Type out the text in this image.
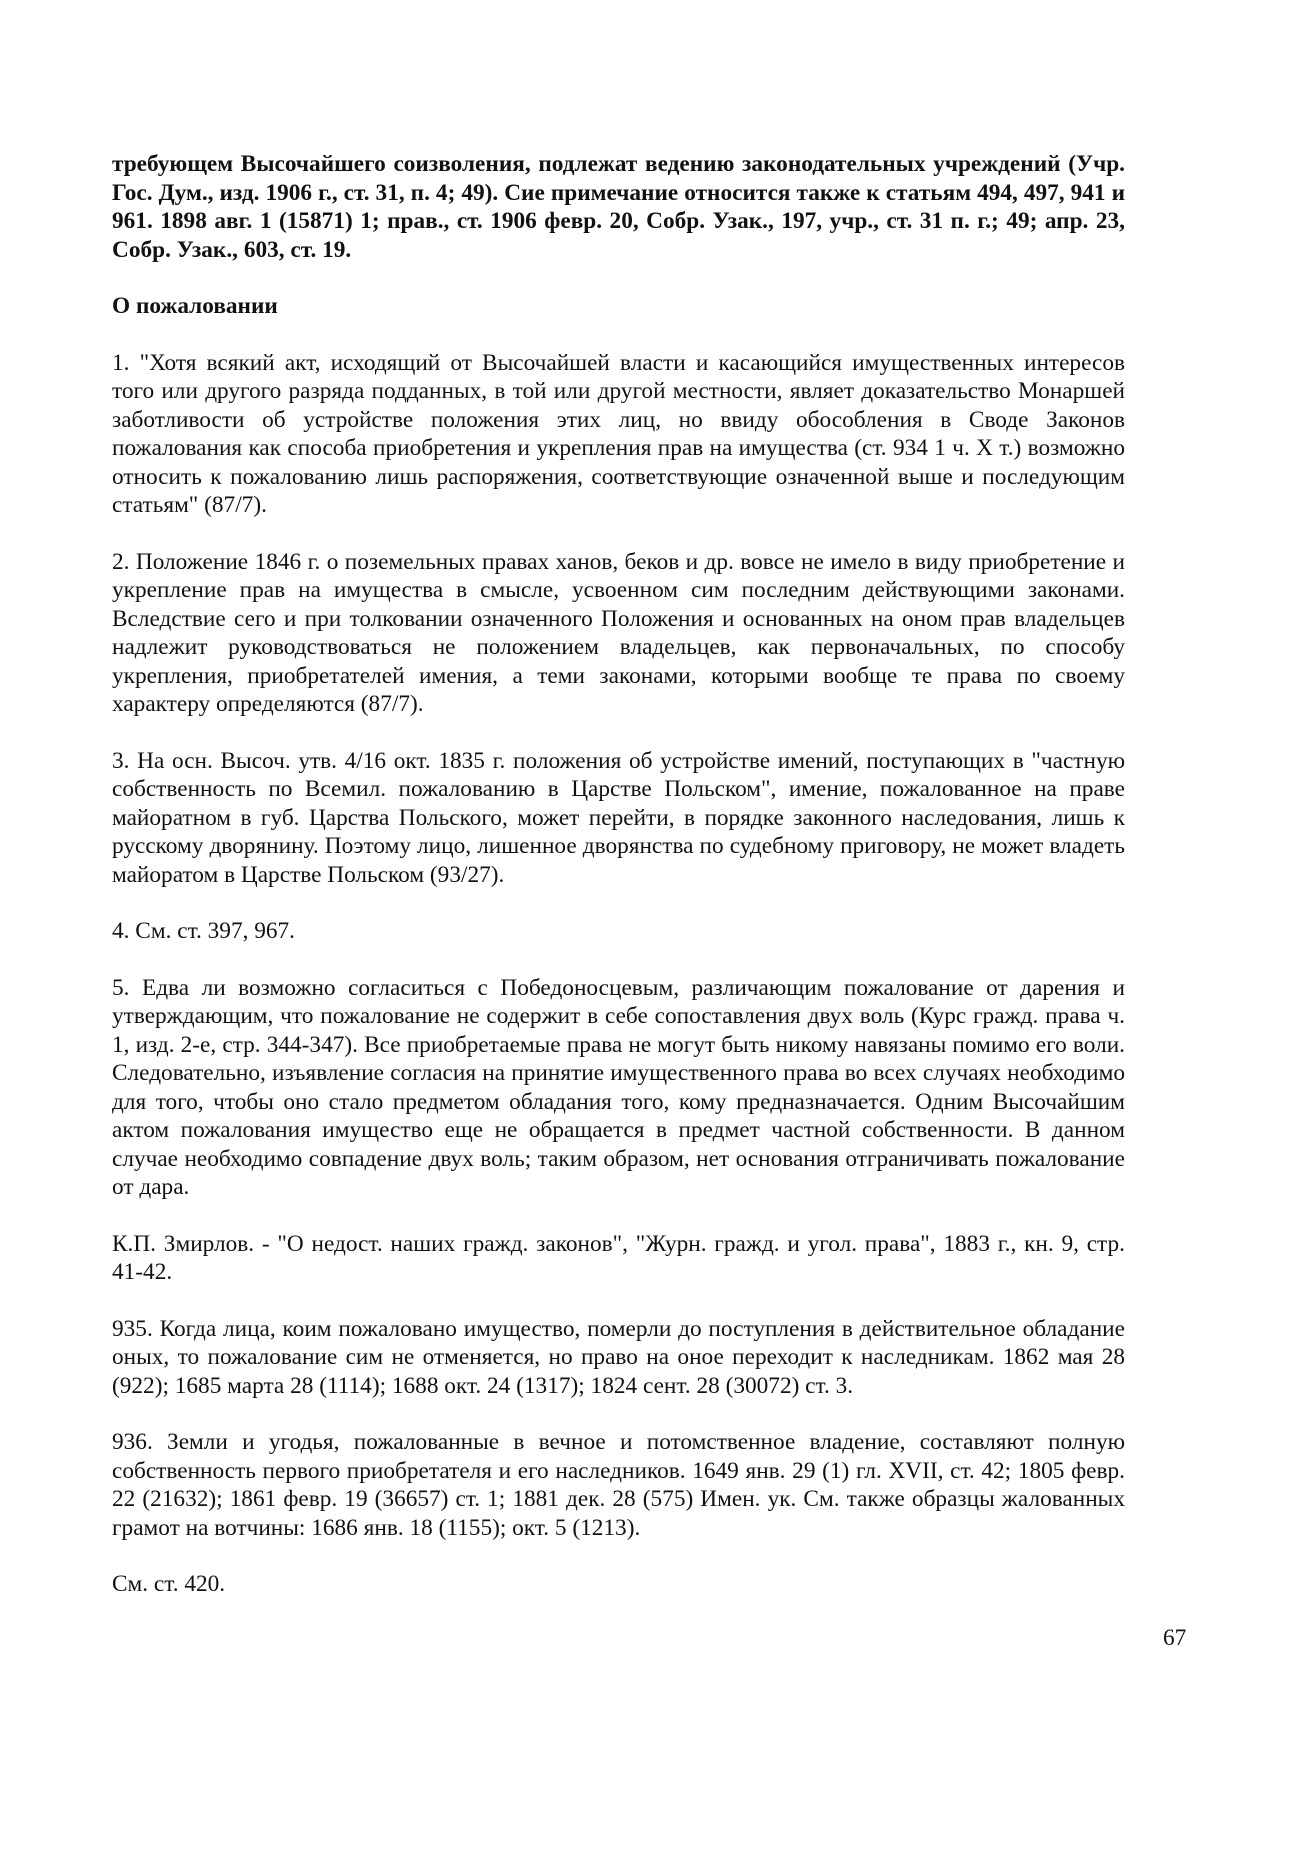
требующем Высочайшего соизволения, подлежат ведению законодательных учреждений (Учр. Гос. Дум., изд. 1906 г., ст. 31, п. 4; 49). Сие примечание относится также к статьям 494, 497, 941 и 961. 1898 авг. 1 (15871) 1; прав., ст. 1906 февр. 20, Собр. Узак., 197, учр., ст. 31 п. г.; 49; апр. 23, Собр. Узак., 603, ст. 19.

О пожаловании

1. "Хотя всякий акт, исходящий от Высочайшей власти и касающийся имущественных интересов того или другого разряда подданных, в той или другой местности, являет доказательство Монаршей заботливости об устройстве положения этих лиц, но ввиду обособления в Своде Законов пожалования как способа приобретения и укрепления прав на имущества (ст. 934 1 ч. X т.) возможно относить к пожалованию лишь распоряжения, соответствующие означенной выше и последующим статьям" (87/7).

2. Положение 1846 г. о поземельных правах ханов, беков и др. вовсе не имело в виду приобретение и укрепление прав на имущества в смысле, усвоенном сим последним действующими законами. Вследствие сего и при толковании означенного Положения и основанных на оном прав владельцев надлежит руководствоваться не положением владельцев, как первоначальных, по способу укрепления, приобретателей имения, а теми законами, которыми вообще те права по своему характеру определяются (87/7).

3. На осн. Высоч. утв. 4/16 окт. 1835 г. положения об устройстве имений, поступающих в "частную собственность по Всемил. пожалованию в Царстве Польском", имение, пожалованное на праве майоратном в губ. Царства Польского, может перейти, в порядке законного наследования, лишь к русскому дворянину. Поэтому лицо, лишенное дворянства по судебному приговору, не может владеть майоратом в Царстве Польском (93/27).

4. См. ст. 397, 967.

5. Едва ли возможно согласиться с Победоносцевым, различающим пожалование от дарения и утверждающим, что пожалование не содержит в себе сопоставления двух воль (Курс гражд. права ч. 1, изд. 2-е, стр. 344-347). Все приобретаемые права не могут быть никому навязаны помимо его воли. Следовательно, изъявление согласия на принятие имущественного права во всех случаях необходимо для того, чтобы оно стало предметом обладания того, кому предназначается. Одним Высочайшим актом пожалования имущество еще не обращается в предмет частной собственности. В данном случае необходимо совпадение двух воль; таким образом, нет основания отграничивать пожалование от дара.

К.П. Змирлов. - "О недост. наших гражд. законов", "Журн. гражд. и угол. права", 1883 г., кн. 9, стр. 41-42.

935. Когда лица, коим пожаловано имущество, померли до поступления в действительное обладание оных, то пожалование сим не отменяется, но право на оное переходит к наследникам. 1862 мая 28 (922); 1685 марта 28 (1114); 1688 окт. 24 (1317); 1824 сент. 28 (30072) ст. 3.

936. Земли и угодья, пожалованные в вечное и потомственное владение, составляют полную собственность первого приобретателя и его наследников. 1649 янв. 29 (1) гл. XVII, ст. 42; 1805 февр. 22 (21632); 1861 февр. 19 (36657) ст. 1; 1881 дек. 28 (575) Имен. ук. См. также образцы жалованных грамот на вотчины: 1686 янв. 18 (1155); окт. 5 (1213).

См. ст. 420.

67
